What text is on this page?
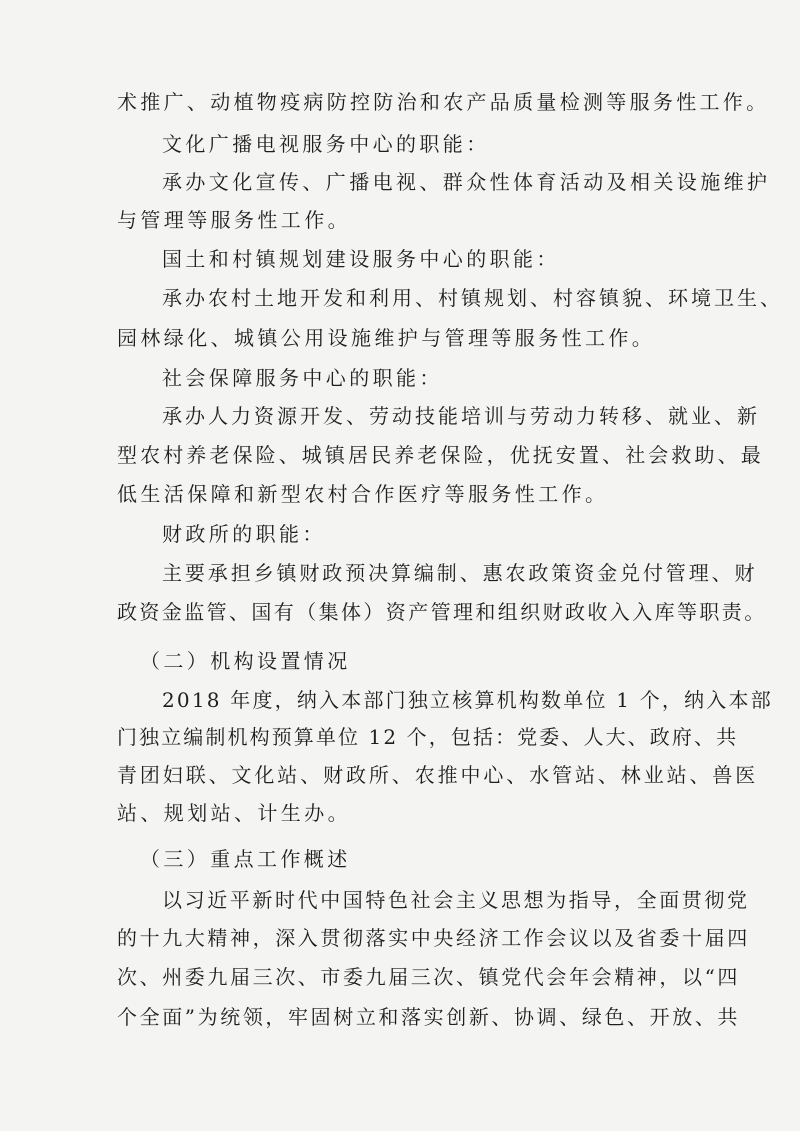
术推广、动植物疫病防控防治和农产品质量检测等服务性工作。
文化广播电视服务中心的职能：
承办文化宣传、广播电视、群众性体育活动及相关设施维护
与管理等服务性工作。
国土和村镇规划建设服务中心的职能：
承办农村土地开发和利用、村镇规划、村容镇貌、环境卫生、
园林绿化、城镇公用设施维护与管理等服务性工作。
社会保障服务中心的职能：
承办人力资源开发、劳动技能培训与劳动力转移、就业、新
型农村养老保险、城镇居民养老保险，优抚安置、社会救助、最
低生活保障和新型农村合作医疗等服务性工作。
财政所的职能：
主要承担乡镇财政预决算编制、惠农政策资金兑付管理、财
政资金监管、国有（集体）资产管理和组织财政收入入库等职责。
（二）机构设置情况
2018 年度，纳入本部门独立核算机构数单位 1 个，纳入本部
门独立编制机构预算单位 12 个，包括：党委、人大、政府、共
青团妇联、文化站、财政所、农推中心、水管站、林业站、兽医
站、规划站、计生办。
（三）重点工作概述
以习近平新时代中国特色社会主义思想为指导，全面贯彻党
的十九大精神，深入贯彻落实中央经济工作会议以及省委十届四
次、州委九届三次、市委九届三次、镇党代会年会精神，以“四
个全面”为统领，牢固树立和落实创新、协调、绿色、开放、共
